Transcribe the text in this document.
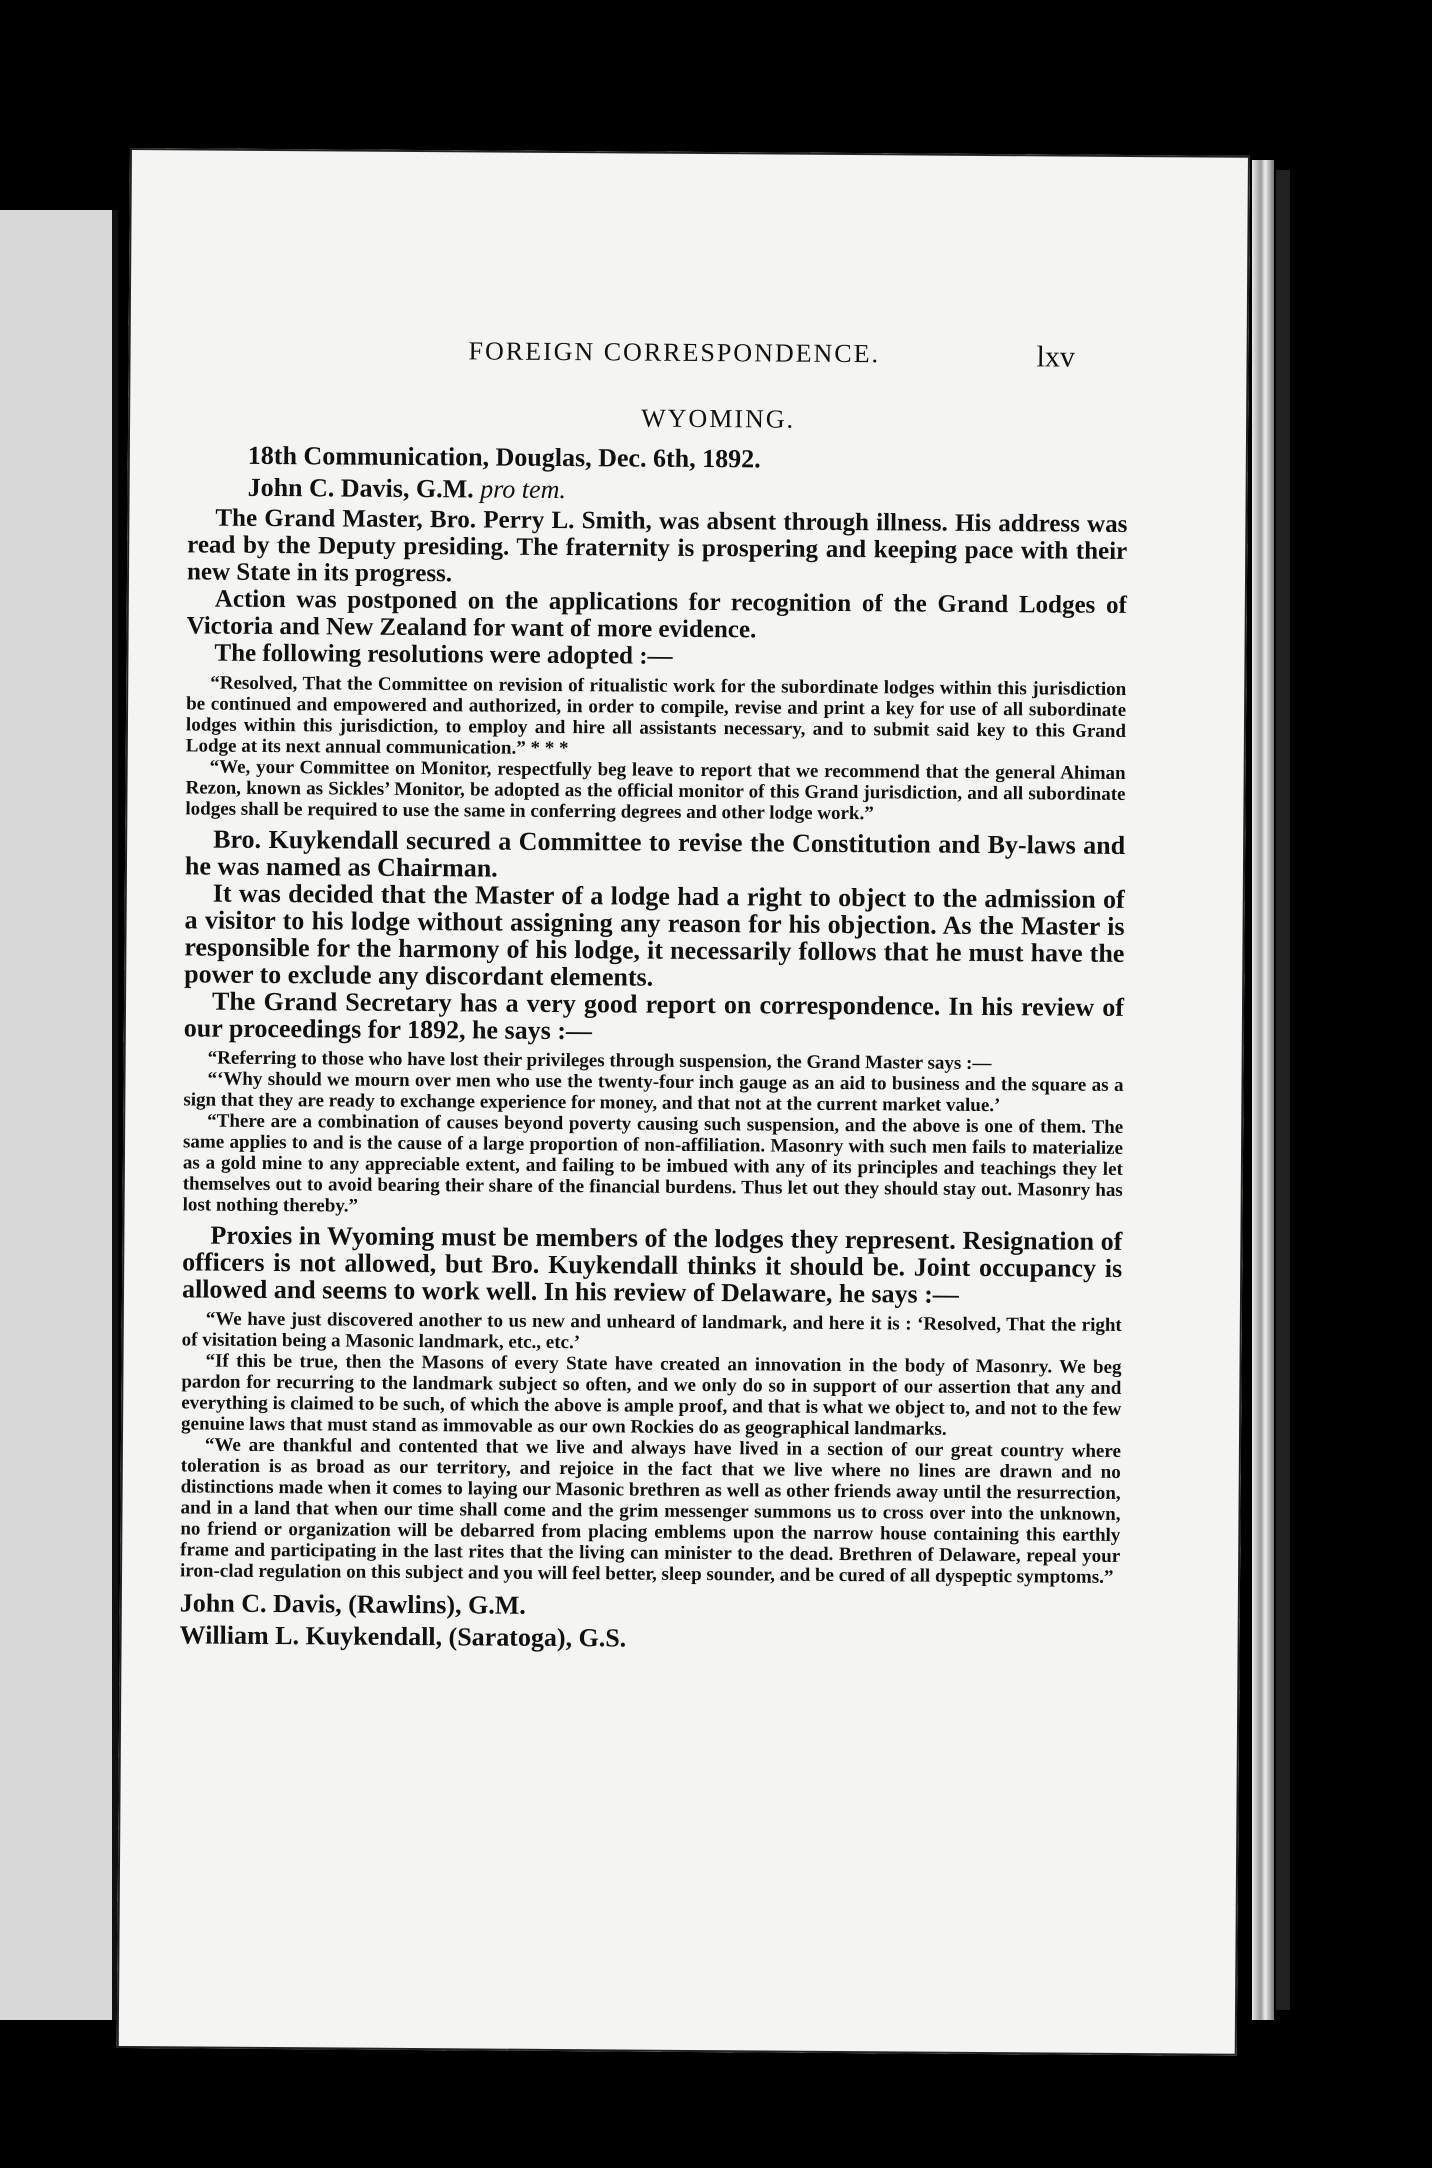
FOREIGN CORRESPONDENCE.	lxv
WYOMING.
18th Communication, Douglas, Dec. 6th, 1892.
John C. Davis, G.M. pro tem.

The Grand Master, Bro. Perry L. Smith, was absent through illness. His address was read by the Deputy presiding. The fraternity is prospering and keeping pace with their new State in its progress.

Action was postponed on the applications for recognition of the Grand Lodges of Victoria and New Zealand for want of more evidence.

The following resolutions were adopted :—

“Resolved, That the Committee on revision of ritualistic work for the subordinate lodges within this jurisdiction be continued and empowered and authorized, in order to compile, revise and print a key for use of all subordinate lodges within this jurisdiction, to employ and hire all assistants necessary, and to submit said key to this Grand Lodge at its next annual communication.” * * *

“We, your Committee on Monitor, respectfully beg leave to report that we recommend that the general Ahiman Rezon, known as Sickles’ Monitor, be adopted as the official monitor of this Grand jurisdiction, and all subordinate lodges shall be required to use the same in conferring degrees and other lodge work.”

Bro. Kuykendall secured a Committee to revise the Constitution and By-laws and he was named as Chairman.

It was decided that the Master of a lodge had a right to object to the admission of a visitor to his lodge without assigning any reason for his objection. As the Master is responsible for the harmony of his lodge, it necessarily follows that he must have the power to exclude any discordant elements.

The Grand Secretary has a very good report on correspondence. In his review of our proceedings for 1892, he says :—

“Referring to those who have lost their privileges through suspension, the Grand Master says :—

“‘Why should we mourn over men who use the twenty-four inch gauge as an aid to business and the square as a sign that they are ready to exchange experience for money, and that not at the current market value.’

“There are a combination of causes beyond poverty causing such suspension, and the above is one of them. The same applies to and is the cause of a large proportion of non-affiliation. Masonry with such men fails to materialize as a gold mine to any appreciable extent, and failing to be imbued with any of its principles and teachings they let themselves out to avoid bearing their share of the financial burdens. Thus let out they should stay out. Masonry has lost nothing thereby.”

Proxies in Wyoming must be members of the lodges they represent. Resignation of officers is not allowed, but Bro. Kuykendall thinks it should be. Joint occupancy is allowed and seems to work well. In his review of Delaware, he says :—

“We have just discovered another to us new and unheard of landmark, and here it is : ‘Resolved, That the right of visitation being a Masonic landmark, etc., etc.’

“If this be true, then the Masons of every State have created an innovation in the body of Masonry. We beg pardon for recurring to the landmark subject so often, and we only do so in support of our assertion that any and everything is claimed to be such, of which the above is ample proof, and that is what we object to, and not to the few genuine laws that must stand as immovable as our own Rockies do as geographical landmarks.

“We are thankful and contented that we live and always have lived in a section of our great country where toleration is as broad as our territory, and rejoice in the fact that we live where no lines are drawn and no distinctions made when it comes to laying our Masonic brethren as well as other friends away until the resurrection, and in a land that when our time shall come and the grim messenger summons us to cross over into the unknown, no friend or organization will be debarred from placing emblems upon the narrow house containing this earthly frame and participating in the last rites that the living can minister to the dead. Brethren of Delaware, repeal your iron-clad regulation on this subject and you will feel better, sleep sounder, and be cured of all dyspeptic symptoms.”

John C. Davis, (Rawlins), G.M.
William L. Kuykendall, (Saratoga), G.S.
